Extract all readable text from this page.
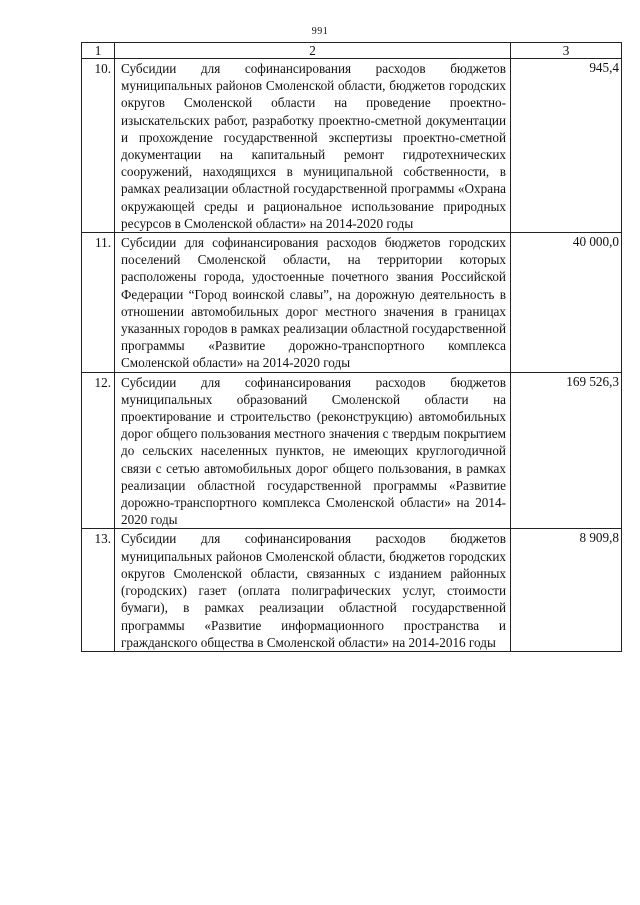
991
1	2	3
10.	Субсидии для софинансирования расходов бюджетов муниципальных районов Смоленской области, бюджетов городских округов Смоленской области на проведение проектно-изыскательских работ, разработку проектно-сметной документации и прохождение государственной экспертизы проектно-сметной документации на капитальный ремонт гидротехнических сооружений, находящихся в муниципальной собственности, в рамках реализации областной государственной программы «Охрана окружающей среды и рациональное использование природных ресурсов в Смоленской области» на 2014-2020 годы	945,4
11.	Субсидии для софинансирования расходов бюджетов городских поселений Смоленской области, на территории которых расположены города, удостоенные почетного звания Российской Федерации “Город воинской славы”, на дорожную деятельность в отношении автомобильных дорог местного значения в границах указанных городов в рамках реализации областной государственной программы «Развитие дорожно-транспортного комплекса Смоленской области» на 2014-2020 годы	40 000,0
12.	Субсидии для софинансирования расходов бюджетов муниципальных образований Смоленской области на проектирование и строительство (реконструкцию) автомобильных дорог общего пользования местного значения с твердым покрытием до сельских населенных пунктов, не имеющих круглогодичной связи с сетью автомобильных дорог общего пользования, в рамках реализации областной государственной программы «Развитие дорожно-транспортного комплекса Смоленской области» на 2014-2020 годы	169 526,3
13.	Субсидии для софинансирования расходов бюджетов муниципальных районов Смоленской области, бюджетов городских округов Смоленской области, связанных с изданием районных (городских) газет (оплата полиграфических услуг, стоимости бумаги), в рамках реализации областной государственной программы «Развитие информационного пространства и гражданского общества в Смоленской области» на 2014-2016 годы	8 909,8
